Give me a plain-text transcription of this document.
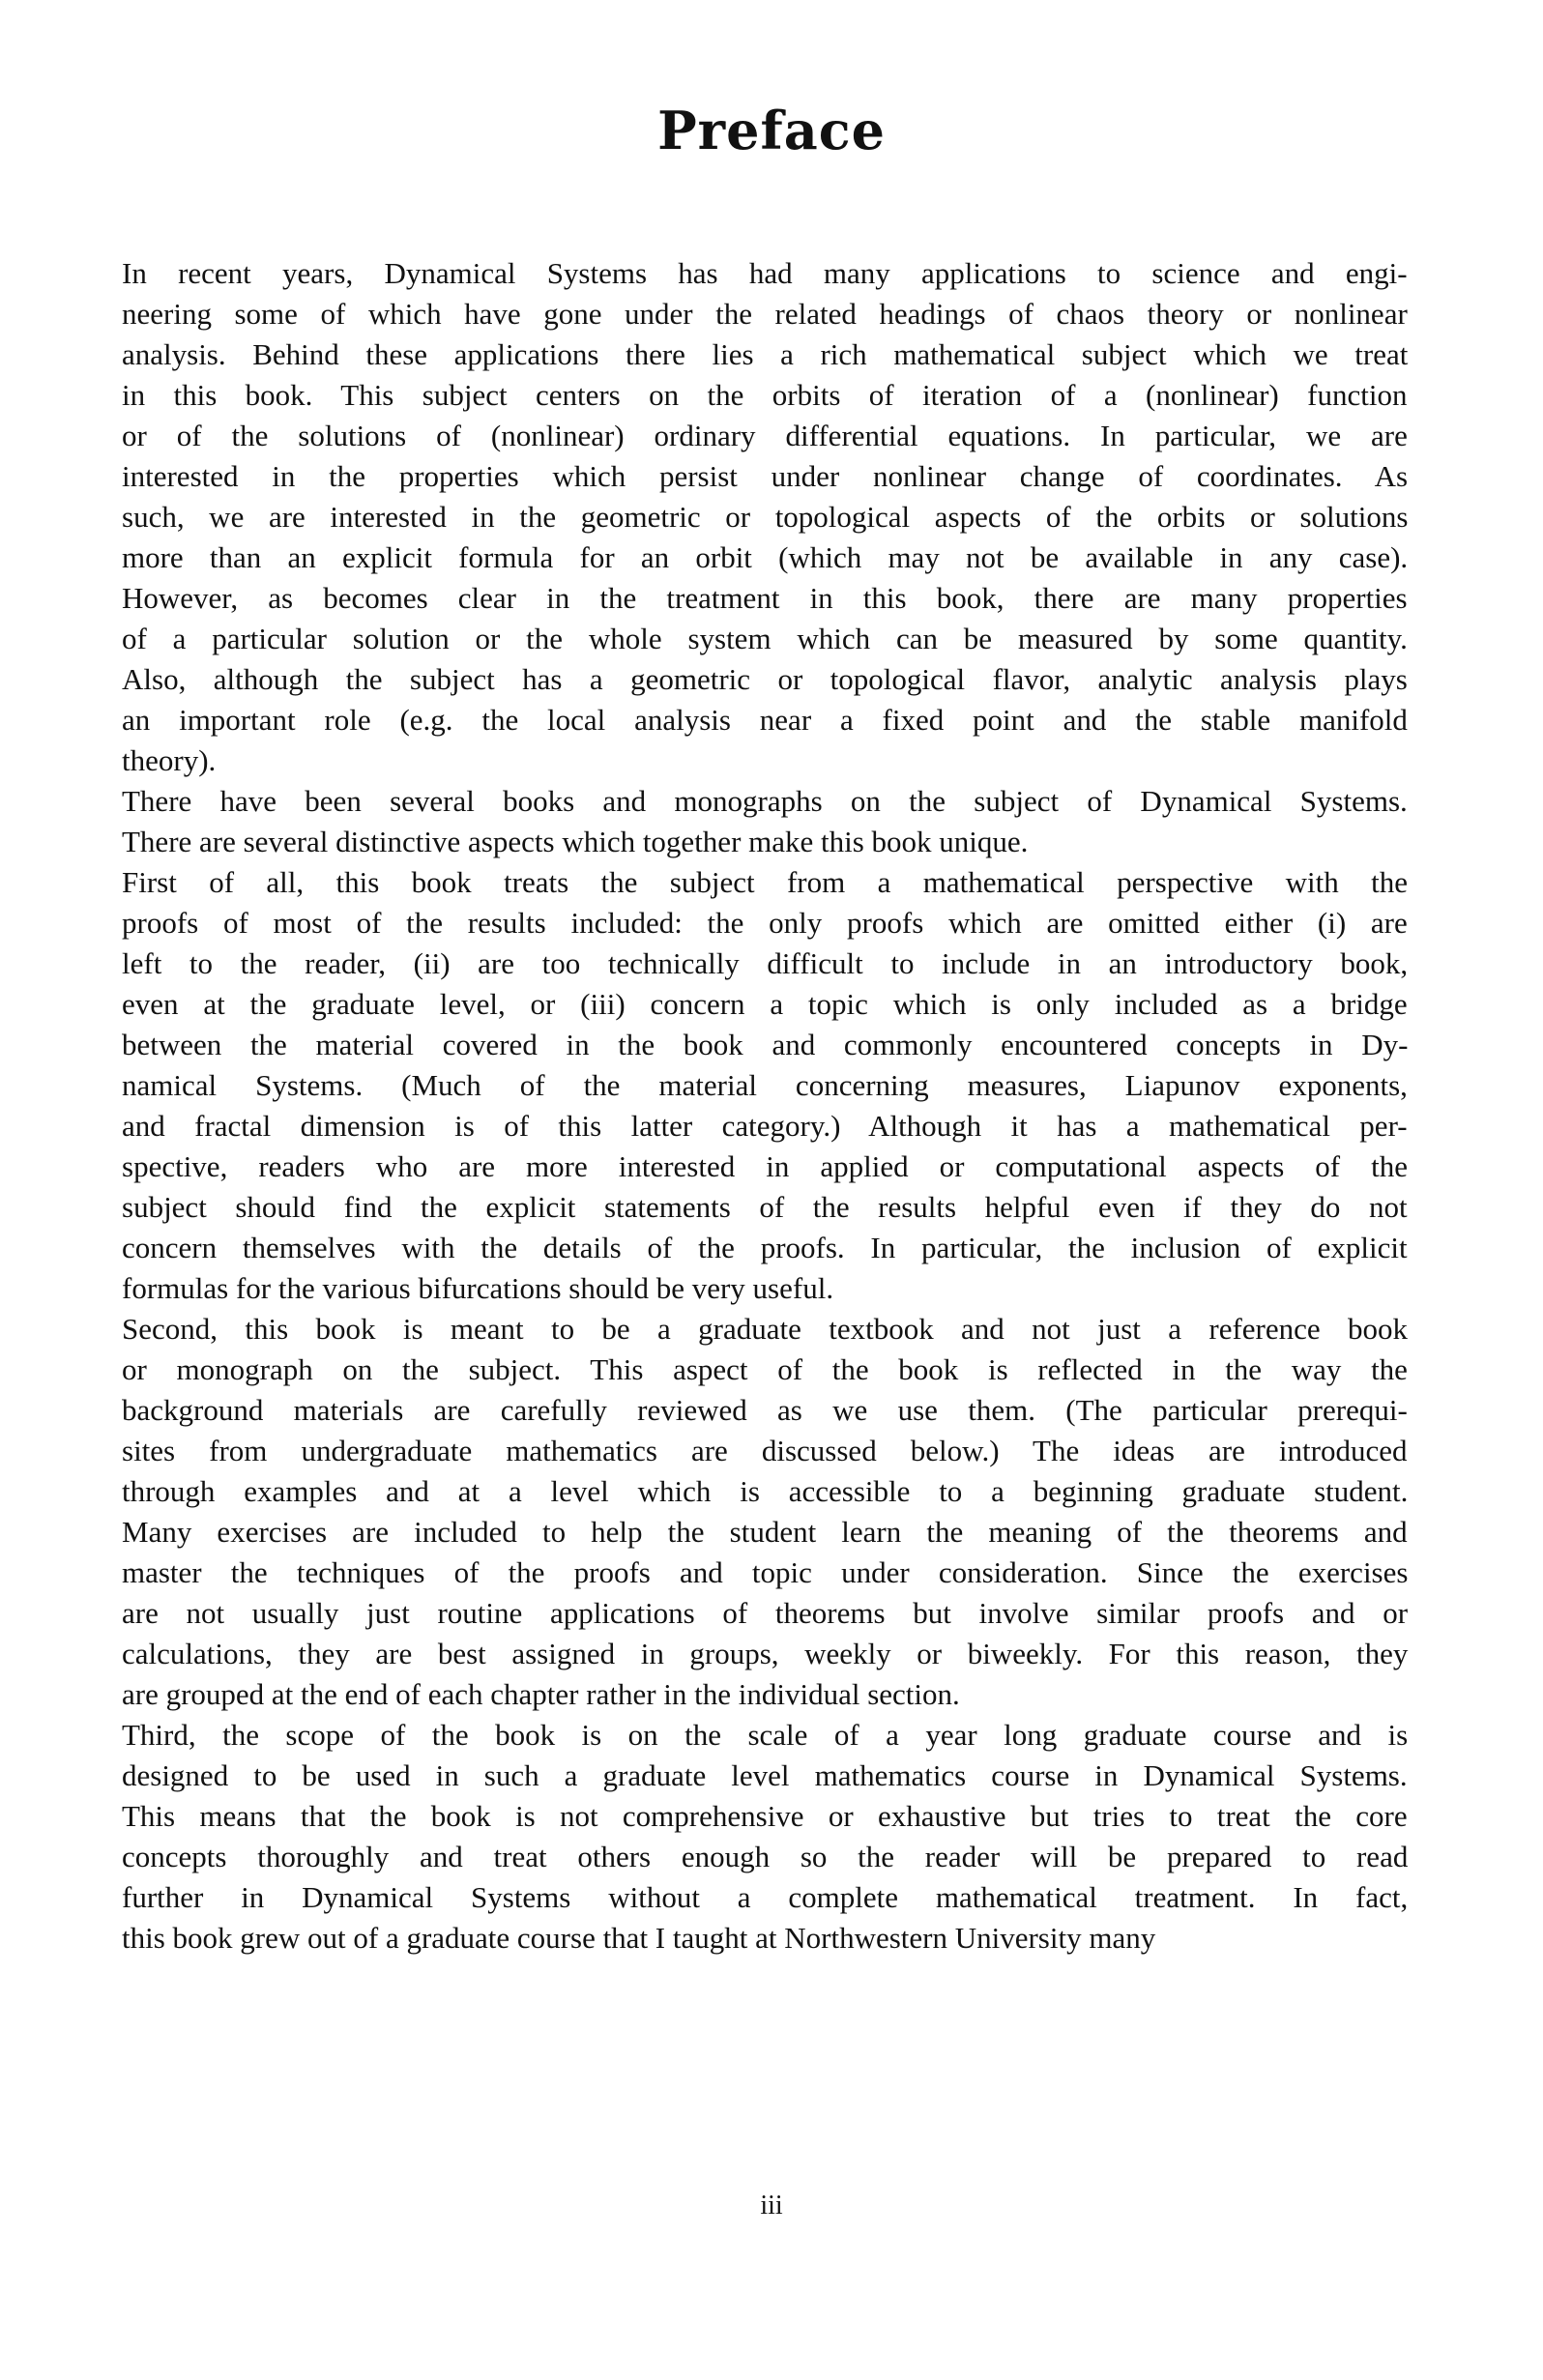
Preface
In recent years, Dynamical Systems has had many applications to science and engi-
neering some of which have gone under the related headings of chaos theory or nonlinear
analysis. Behind these applications there lies a rich mathematical subject which we treat
in this book. This subject centers on the orbits of iteration of a (nonlinear) function
or of the solutions of (nonlinear) ordinary differential equations. In particular, we are
interested in the properties which persist under nonlinear change of coordinates. As
such, we are interested in the geometric or topological aspects of the orbits or solutions
more than an explicit formula for an orbit (which may not be available in any case).
However, as becomes clear in the treatment in this book, there are many properties
of a particular solution or the whole system which can be measured by some quantity.
Also, although the subject has a geometric or topological flavor, analytic analysis plays
an important role (e.g. the local analysis near a fixed point and the stable manifold
theory).
There have been several books and monographs on the subject of Dynamical Systems.
There are several distinctive aspects which together make this book unique.
First of all, this book treats the subject from a mathematical perspective with the
proofs of most of the results included: the only proofs which are omitted either (i) are
left to the reader, (ii) are too technically difficult to include in an introductory book,
even at the graduate level, or (iii) concern a topic which is only included as a bridge
between the material covered in the book and commonly encountered concepts in Dy-
namical Systems. (Much of the material concerning measures, Liapunov exponents,
and fractal dimension is of this latter category.) Although it has a mathematical per-
spective, readers who are more interested in applied or computational aspects of the
subject should find the explicit statements of the results helpful even if they do not
concern themselves with the details of the proofs. In particular, the inclusion of explicit
formulas for the various bifurcations should be very useful.
Second, this book is meant to be a graduate textbook and not just a reference book
or monograph on the subject. This aspect of the book is reflected in the way the
background materials are carefully reviewed as we use them. (The particular prerequi-
sites from undergraduate mathematics are discussed below.) The ideas are introduced
through examples and at a level which is accessible to a beginning graduate student.
Many exercises are included to help the student learn the meaning of the theorems and
master the techniques of the proofs and topic under consideration. Since the exercises
are not usually just routine applications of theorems but involve similar proofs and or
calculations, they are best assigned in groups, weekly or biweekly. For this reason, they
are grouped at the end of each chapter rather in the individual section.
Third, the scope of the book is on the scale of a year long graduate course and is
designed to be used in such a graduate level mathematics course in Dynamical Systems.
This means that the book is not comprehensive or exhaustive but tries to treat the core
concepts thoroughly and treat others enough so the reader will be prepared to read
further in Dynamical Systems without a complete mathematical treatment. In fact,
this book grew out of a graduate course that I taught at Northwestern University many
iii
